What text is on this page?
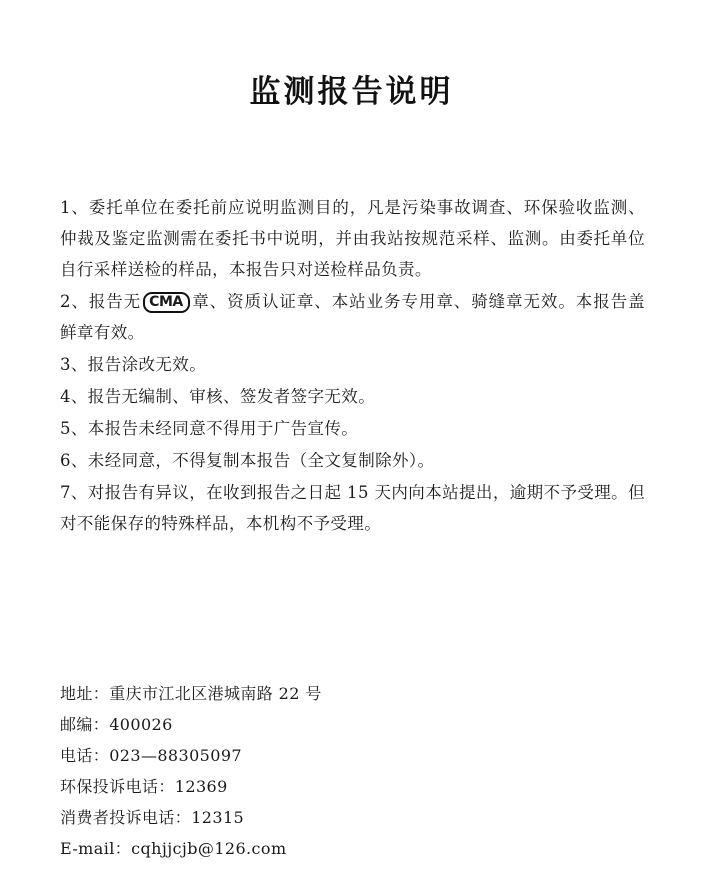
监测报告说明

1、委托单位在委托前应说明监测目的，凡是污染事故调查、环保验收监测、仲裁及鉴定监测需在委托书中说明，并由我站按规范采样、监测。由委托单位自行采样送检的样品，本报告只对送检样品负责。

2、报告无 CMA 章、资质认证章、本站业务专用章、骑缝章无效。本报告盖鲜章有效。

3、报告涂改无效。

4、报告无编制、审核、签发者签字无效。

5、本报告未经同意不得用于广告宣传。

6、未经同意，不得复制本报告（全文复制除外）。

7、对报告有异议，在收到报告之日起 15 天内向本站提出，逾期不予受理。但对不能保存的特殊样品，本机构不予受理。

地址：重庆市江北区港城南路 22 号
邮编：400026
电话：023—88305097
环保投诉电话：12369
消费者投诉电话：12315
E-mail：cqhjjcjb@126.com
